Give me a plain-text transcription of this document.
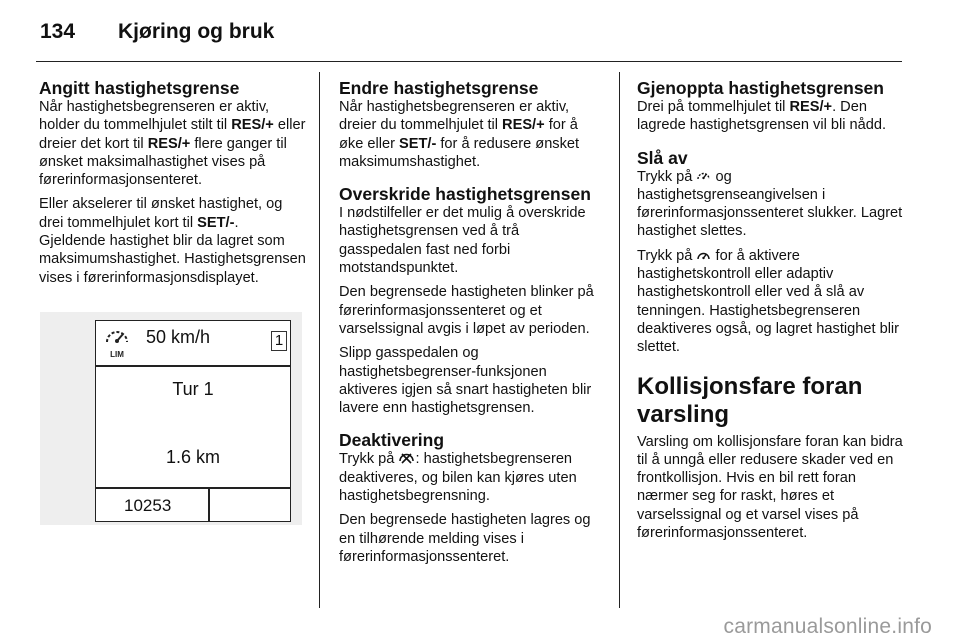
134 Kjøring og bruk
Angitt hastighetsgrense

Når hastighetsbegrenseren er aktiv, holder du tommelhjulet stilt til RES/+ eller dreier det kort til RES/+ flere ganger til ønsket maksimalhastighet vises på førerinformasjonsenteret.

Eller akselerer til ønsket hastighet, og drei tommelhjulet kort til SET/-. Gjeldende hastighet blir da lagret som maksimumshastighet. Hastighetsgrensen vises i førerinformasjonsdisplayet.

LIM
50 km/h	1
Tur 1
1.6 km
10253
Endre hastighetsgrense

Når hastighetsbegrenseren er aktiv, dreier du tommelhjulet til RES/+ for å øke eller SET/- for å redusere ønsket maksimumshastighet.

Overskride hastighetsgrensen

I nødstilfeller er det mulig å overskride hastighetsgrensen ved å trå gasspedalen fast ned forbi motstandspunktet.

Den begrensede hastigheten blinker på førerinformasjonssenteret og et varselssignal avgis i løpet av perioden.

Slipp gasspedalen og hastighetsbegrenser-funksjonen aktiveres igjen så snart hastigheten blir lavere enn hastighetsgrensen.

Deaktivering

Trykk på : hastighetsbegrenseren deaktiveres, og bilen kan kjøres uten hastighetsbegrensning.

Den begrensede hastigheten lagres og en tilhørende melding vises i førerinformasjonssenteret.

Gjenoppta hastighetsgrensen

Drei på tommelhjulet til RES/+. Den lagrede hastighetsgrensen vil bli nådd.

Slå av

Trykk på  og hastighetsgrenseangivelsen i førerinformasjonssenteret slukker. Lagret hastighet slettes.

Trykk på  for å aktivere hastighetskontroll eller adaptiv hastighetskontroll eller ved å slå av tenningen. Hastighetsbegrenseren deaktiveres også, og lagret hastighet blir slettet.

Kollisjonsfare foran varsling

Varsling om kollisjonsfare foran kan bidra til å unngå eller redusere skader ved en frontkollisjon. Hvis en bil rett foran nærmer seg for raskt, høres et varselssignal og et varsel vises på førerinformasjonssenteret.

carmanualsonline.info
